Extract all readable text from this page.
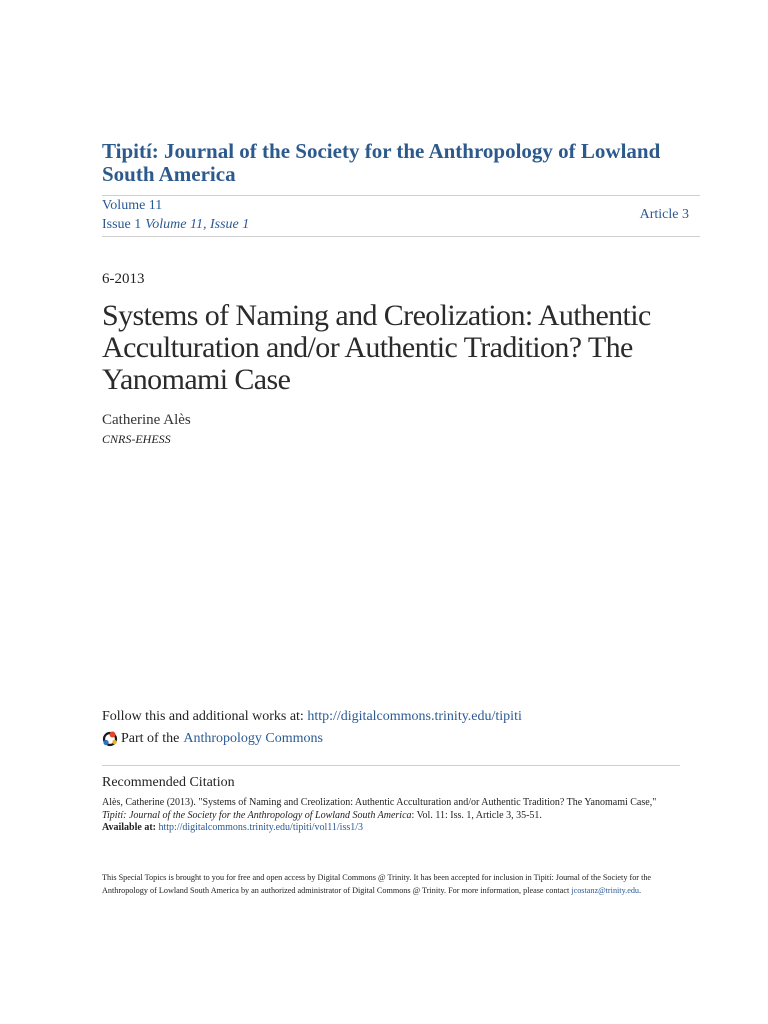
Tipití: Journal of the Society for the Anthropology of Lowland South America
Volume 11
Issue 1 Volume 11, Issue 1
Article 3
6-2013
Systems of Naming and Creolization: Authentic Acculturation and/or Authentic Tradition? The Yanomami Case
Catherine Alès
CNRS-EHESS
Follow this and additional works at: http://digitalcommons.trinity.edu/tipiti
Part of the Anthropology Commons
Recommended Citation
Alès, Catherine (2013). "Systems of Naming and Creolization: Authentic Acculturation and/or Authentic Tradition? The Yanomami Case," Tipití: Journal of the Society for the Anthropology of Lowland South America: Vol. 11: Iss. 1, Article 3, 35-51.
Available at: http://digitalcommons.trinity.edu/tipiti/vol11/iss1/3
This Special Topics is brought to you for free and open access by Digital Commons @ Trinity. It has been accepted for inclusion in Tipití: Journal of the Society for the Anthropology of Lowland South America by an authorized administrator of Digital Commons @ Trinity. For more information, please contact jcostanz@trinity.edu.
